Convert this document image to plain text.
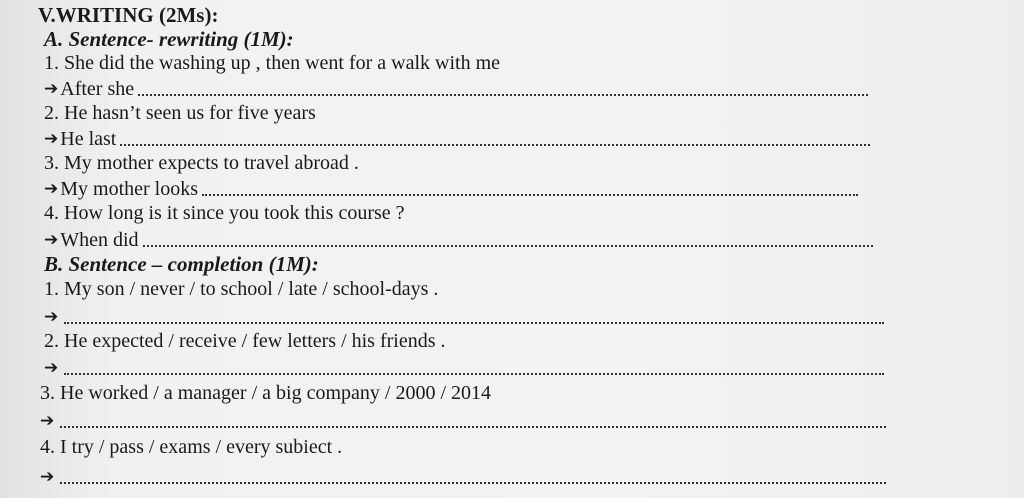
V.WRITING (2Ms):
A. Sentence- rewriting (1M):
1. She did the washing up , then went for a walk with me
➔ After she
2. He hasn’t seen us for five years
➔ He last
3. My mother expects to travel abroad .
➔ My mother looks
4. How long is it since you took this course ?
➔ When did
B. Sentence – completion (1M):
1. My son / never / to school / late / school-days .
➔
2. He expected / receive / few letters / his friends .
➔
3. He worked / a manager / a big company / 2000 / 2014
➔
4. I try / pass / exams / every subiect .
➔
